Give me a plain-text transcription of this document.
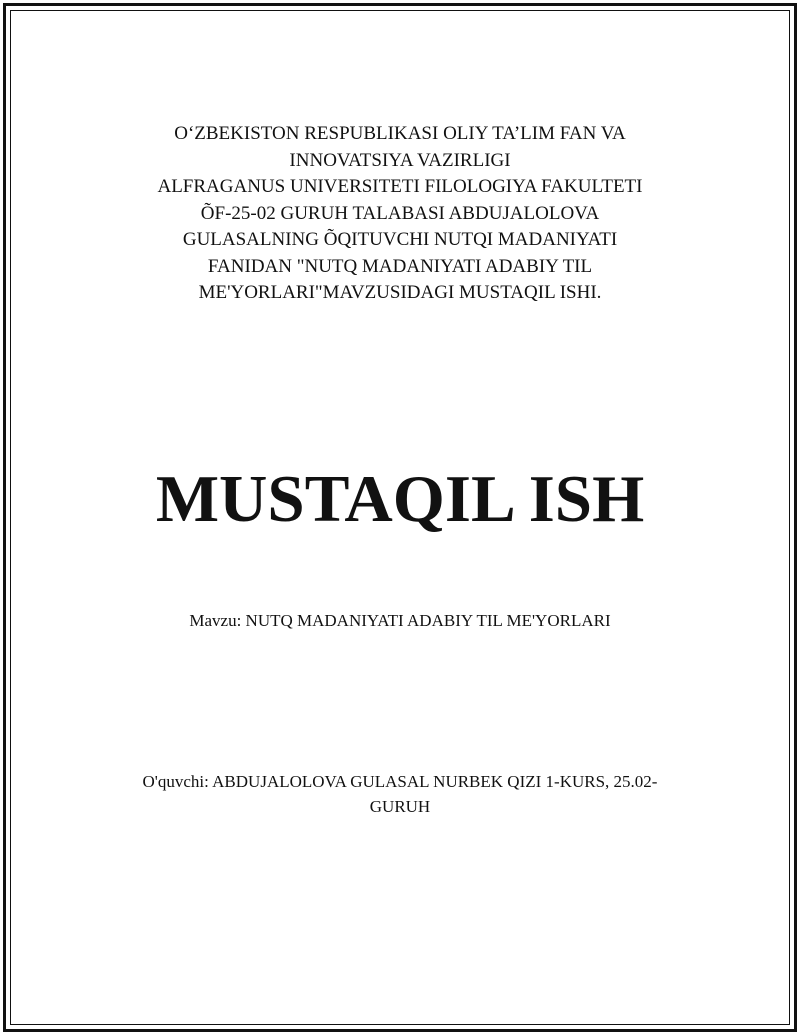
O‘ZBEKISTON RESPUBLIKASI OLIY TA’LIM FAN VA
INNOVATSIYA VAZIRLIGI
ALFRAGANUS UNIVERSITETI FILOLOGIYA FAKULTETI
ÕF-25-02 GURUH TALABASI ABDUJALOLOVA
GULASALNING ÕQITUVCHI NUTQI MADANIYATI
FANIDAN "NUTQ MADANIYATI ADABIY TIL
ME'YORLARI"MAVZUSIDAGI MUSTAQIL ISHI.
MUSTAQIL ISH
Mavzu: NUTQ MADANIYATI ADABIY TIL ME'YORLARI
O'quvchi: ABDUJALOLOVA GULASAL NURBEK QIZI 1-KURS, 25.02-
GURUH
